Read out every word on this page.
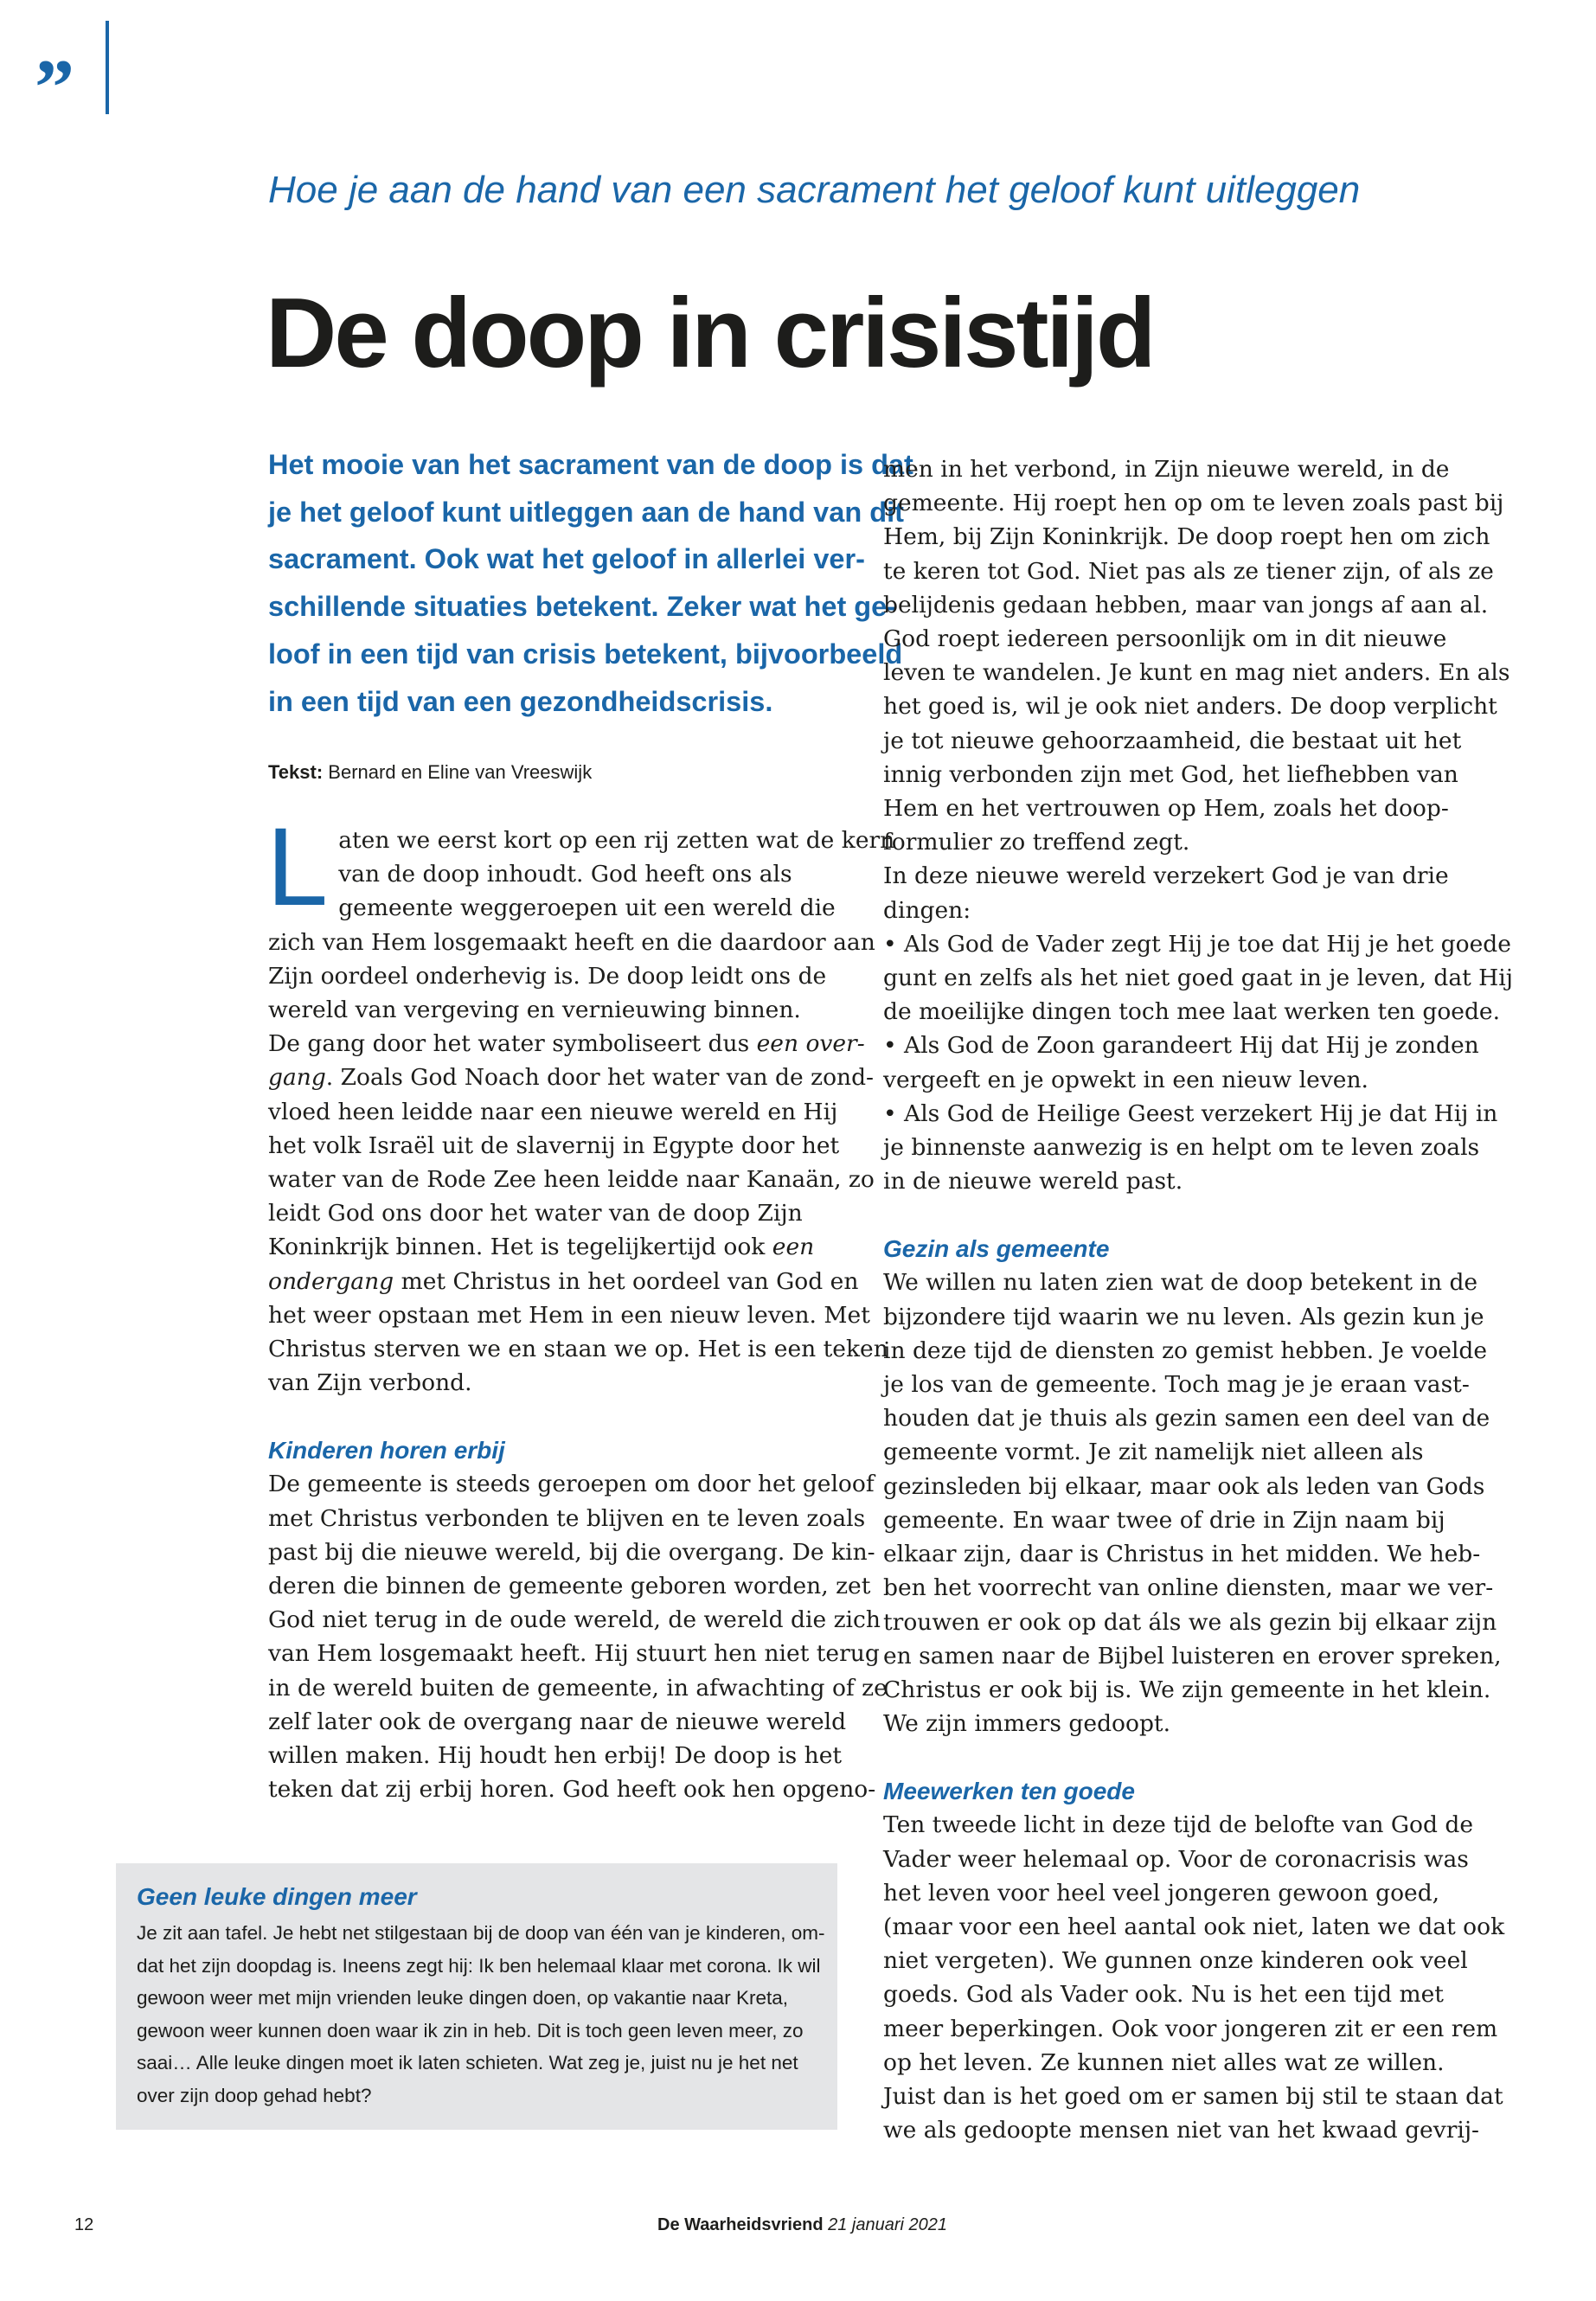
”
Hoe je aan de hand van een sacrament het geloof kunt uitleggen
De doop in crisistijd
Het mooie van het sacrament van de doop is dat
je het geloof kunt uitleggen aan de hand van dit
sacrament. Ook wat het geloof in allerlei ver-
schillende situaties betekent. Zeker wat het ge-
loof in een tijd van crisis betekent, bijvoorbeeld
in een tijd van een gezondheidscrisis.
Tekst: Bernard en Eline van Vreeswijk
L aten we eerst kort op een rij zetten wat de kern
van de doop inhoudt. God heeft ons als
gemeente weggeroepen uit een wereld die
zich van Hem losgemaakt heeft en die daardoor aan
Zijn oordeel onderhevig is. De doop leidt ons de
wereld van vergeving en vernieuwing binnen.
De gang door het water symboliseert dus een over-
gang. Zoals God Noach door het water van de zond-
vloed heen leidde naar een nieuwe wereld en Hij
het volk Israël uit de slavernij in Egypte door het
water van de Rode Zee heen leidde naar Kanaän, zo
leidt God ons door het water van de doop Zijn
Koninkrijk binnen. Het is tegelijkertijd ook een
ondergang met Christus in het oordeel van God en
het weer opstaan met Hem in een nieuw leven. Met
Christus sterven we en staan we op. Het is een teken
van Zijn verbond.
Kinderen horen erbij
De gemeente is steeds geroepen om door het geloof
met Christus verbonden te blijven en te leven zoals
past bij die nieuwe wereld, bij die overgang. De kin-
deren die binnen de gemeente geboren worden, zet
God niet terug in de oude wereld, de wereld die zich
van Hem losgemaakt heeft. Hij stuurt hen niet terug
in de wereld buiten de gemeente, in afwachting of ze
zelf later ook de overgang naar de nieuwe wereld
willen maken. Hij houdt hen erbij! De doop is het
teken dat zij erbij horen. God heeft ook hen opgeno-
men in het verbond, in Zijn nieuwe wereld, in de
gemeente. Hij roept hen op om te leven zoals past bij
Hem, bij Zijn Koninkrijk. De doop roept hen om zich
te keren tot God. Niet pas als ze tiener zijn, of als ze
belijdenis gedaan hebben, maar van jongs af aan al.
God roept iedereen persoonlijk om in dit nieuwe
leven te wandelen. Je kunt en mag niet anders. En als
het goed is, wil je ook niet anders. De doop verplicht
je tot nieuwe gehoorzaamheid, die bestaat uit het
innig verbonden zijn met God, het liefhebben van
Hem en het vertrouwen op Hem, zoals het doop-
formulier zo treffend zegt.
In deze nieuwe wereld verzekert God je van drie
dingen:
• Als God de Vader zegt Hij je toe dat Hij je het goede
gunt en zelfs als het niet goed gaat in je leven, dat Hij
de moeilijke dingen toch mee laat werken ten goede.
• Als God de Zoon garandeert Hij dat Hij je zonden
vergeeft en je opwekt in een nieuw leven.
• Als God de Heilige Geest verzekert Hij je dat Hij in
je binnenste aanwezig is en helpt om te leven zoals
in de nieuwe wereld past.
Gezin als gemeente
We willen nu laten zien wat de doop betekent in de
bijzondere tijd waarin we nu leven. Als gezin kun je
in deze tijd de diensten zo gemist hebben. Je voelde
je los van de gemeente. Toch mag je je eraan vast-
houden dat je thuis als gezin samen een deel van de
gemeente vormt. Je zit namelijk niet alleen als
gezinsleden bij elkaar, maar ook als leden van Gods
gemeente. En waar twee of drie in Zijn naam bij
elkaar zijn, daar is Christus in het midden. We heb-
ben het voorrecht van online diensten, maar we ver-
trouwen er ook op dat áls we als gezin bij elkaar zijn
en samen naar de Bijbel luisteren en erover spreken,
Christus er ook bij is. We zijn gemeente in het klein.
We zijn immers gedoopt.
Meewerken ten goede
Ten tweede licht in deze tijd de belofte van God de
Vader weer helemaal op. Voor de coronacrisis was
het leven voor heel veel jongeren gewoon goed,
(maar voor een heel aantal ook niet, laten we dat ook
niet vergeten). We gunnen onze kinderen ook veel
goeds. God als Vader ook. Nu is het een tijd met
meer beperkingen. Ook voor jongeren zit er een rem
op het leven. Ze kunnen niet alles wat ze willen.
Juist dan is het goed om er samen bij stil te staan dat
we als gedoopte mensen niet van het kwaad gevrij-
Geen leuke dingen meer
Je zit aan tafel. Je hebt net stilgestaan bij de doop van één van je kinderen, om-
dat het zijn doopdag is. Ineens zegt hij: Ik ben helemaal klaar met corona. Ik wil
gewoon weer met mijn vrienden leuke dingen doen, op vakantie naar Kreta,
gewoon weer kunnen doen waar ik zin in heb. Dit is toch geen leven meer, zo
saai… Alle leuke dingen moet ik laten schieten. Wat zeg je, juist nu je het net
over zijn doop gehad hebt?
12	De Waarheidsvriend 21 januari 2021
